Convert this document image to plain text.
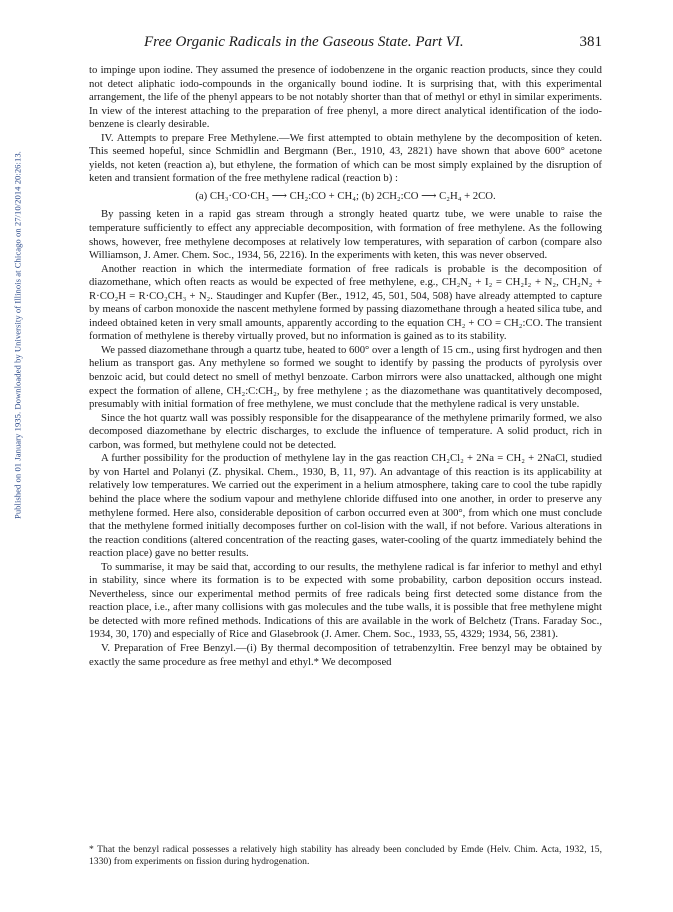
Published on 01 January 1935. Downloaded by University of Illinois at Chicago on 27/10/2014 20:26:13.
Free Organic Radicals in the Gaseous State. Part VI.	381

to impinge upon iodine. They assumed the presence of iodobenzene in the organic reaction products, since they could not detect aliphatic iodo-compounds in the organically bound iodine. It is surprising that, with this experimental arrangement, the life of the phenyl appears to be not notably shorter than that of methyl or ethyl in similar experiments. In view of the interest attaching to the preparation of free phenyl, a more direct analytical identification of the iodo-benzene is clearly desirable.

IV. Attempts to prepare Free Methylene.—We first attempted to obtain methylene by the decomposition of keten. This seemed hopeful, since Schmidlin and Bergmann (Ber., 1910, 43, 2821) have shown that above 600° acetone yields, not keten (reaction a), but ethylene, the formation of which can be most simply explained by the disruption of keten and transient formation of the free methylene radical (reaction b) :

(a) CH₃·CO·CH₃ ⟶ CH₂:CO + CH₄; (b) 2CH₂:CO ⟶ C₂H₄ + 2CO.

By passing keten in a rapid gas stream through a strongly heated quartz tube, we were unable to raise the temperature sufficiently to effect any appreciable decomposition, with formation of free methylene. As the following shows, however, free methylene decomposes at relatively low temperatures, with separation of carbon (compare also Williamson, J. Amer. Chem. Soc., 1934, 56, 2216). In the experiments with keten, this was never observed.

Another reaction in which the intermediate formation of free radicals is probable is the decomposition of diazomethane, which often reacts as would be expected of free methylene, e.g., CH₂N₂ + I₂ = CH₂I₂ + N₂, CH₂N₂ + R·CO₂H = R·CO₂CH₃ + N₂. Staudinger and Kupfer (Ber., 1912, 45, 501, 504, 508) have already attempted to capture by means of carbon monoxide the nascent methylene formed by passing diazomethane through a heated silica tube, and indeed obtained keten in very small amounts, apparently according to the equation CH₂ + CO = CH₂:CO. The transient formation of methylene is thereby virtually proved, but no information is gained as to its stability.

We passed diazomethane through a quartz tube, heated to 600° over a length of 15 cm., using first hydrogen and then helium as transport gas. Any methylene so formed we sought to identify by passing the products of pyrolysis over benzoic acid, but could detect no smell of methyl benzoate. Carbon mirrors were also unattacked, although one might expect the formation of allene, CH₂:C:CH₂, by free methylene ; as the diazomethane was quantitatively decomposed, presumably with initial formation of free methylene, we must conclude that the methylene radical is very unstable.

Since the hot quartz wall was possibly responsible for the disappearance of the methylene primarily formed, we also decomposed diazomethane by electric discharges, to exclude the influence of temperature. A solid product, rich in carbon, was formed, but methylene could not be detected.

A further possibility for the production of methylene lay in the gas reaction CH₂Cl₂ + 2Na = CH₂ + 2NaCl, studied by von Hartel and Polanyi (Z. physikal. Chem., 1930, B, 11, 97). An advantage of this reaction is its applicability at relatively low temperatures. We carried out the experiment in a helium atmosphere, taking care to cool the tube rapidly behind the place where the sodium vapour and methylene chloride diffused into one another, in order to preserve any methylene formed. Here also, considerable deposition of carbon occurred even at 300°, from which one must conclude that the methylene formed initially decomposes further on col-lision with the wall, if not before. Various alterations in the reaction conditions (altered concentration of the reacting gases, water-cooling of the quartz immediately behind the reaction place) gave no better results.

To summarise, it may be said that, according to our results, the methylene radical is far inferior to methyl and ethyl in stability, since where its formation is to be expected with some probability, carbon deposition occurs instead. Nevertheless, since our experimental method permits of free radicals being first detected some distance from the reaction place, i.e., after many collisions with gas molecules and the tube walls, it is possible that free methylene might be detected with more refined methods. Indications of this are available in the work of Belchetz (Trans. Faraday Soc., 1934, 30, 170) and especially of Rice and Glasebrook (J. Amer. Chem. Soc., 1933, 55, 4329; 1934, 56, 2381).

V. Preparation of Free Benzyl.—(i) By thermal decomposition of tetrabenzyltin. Free benzyl may be obtained by exactly the same procedure as free methyl and ethyl.* We decomposed

* That the benzyl radical possesses a relatively high stability has already been concluded by Emde (Helv. Chim. Acta, 1932, 15, 1330) from experiments on fission during hydrogenation.
